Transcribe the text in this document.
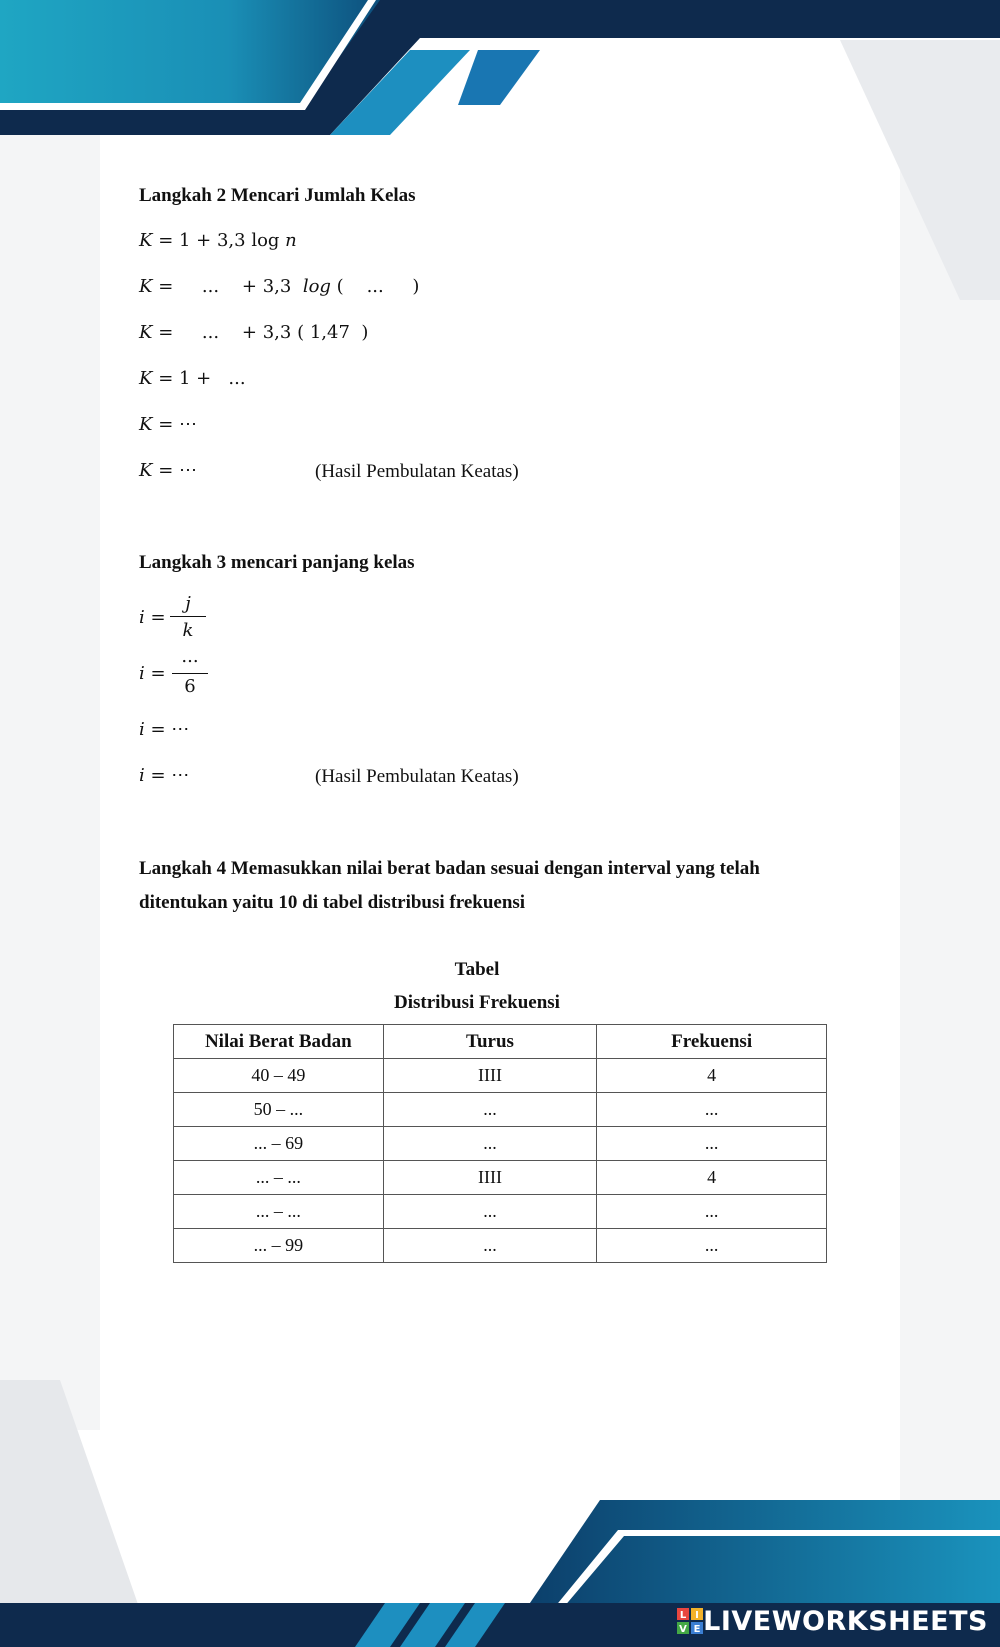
Langkah 2 Mencari Jumlah Kelas
K = 1 + 3,3 log n
K =     ...    + 3,3  log (    ...     )
K =     ...    + 3,3 ( 1,47  )
K = 1 +   ...
K = ⋯
K = ⋯	(Hasil Pembulatan Keatas)
Langkah 3 mencari panjang kelas
i =
j
k
i =
...
6
i = ⋯
i = ⋯	(Hasil Pembulatan Keatas)
Langkah 4 Memasukkan nilai berat badan sesuai dengan interval yang telah
ditentukan yaitu 10 di tabel distribusi frekuensi
Tabel
Distribusi Frekuensi
Nilai Berat Badan	Turus	Frekuensi
40 – 49	IIII	4
50 – ...	...	...
... – 69	...	...
... – ...	IIII	4
... – ...	...	...
... – 99	...	...
L I
V E LIVEWORKSHEETS
